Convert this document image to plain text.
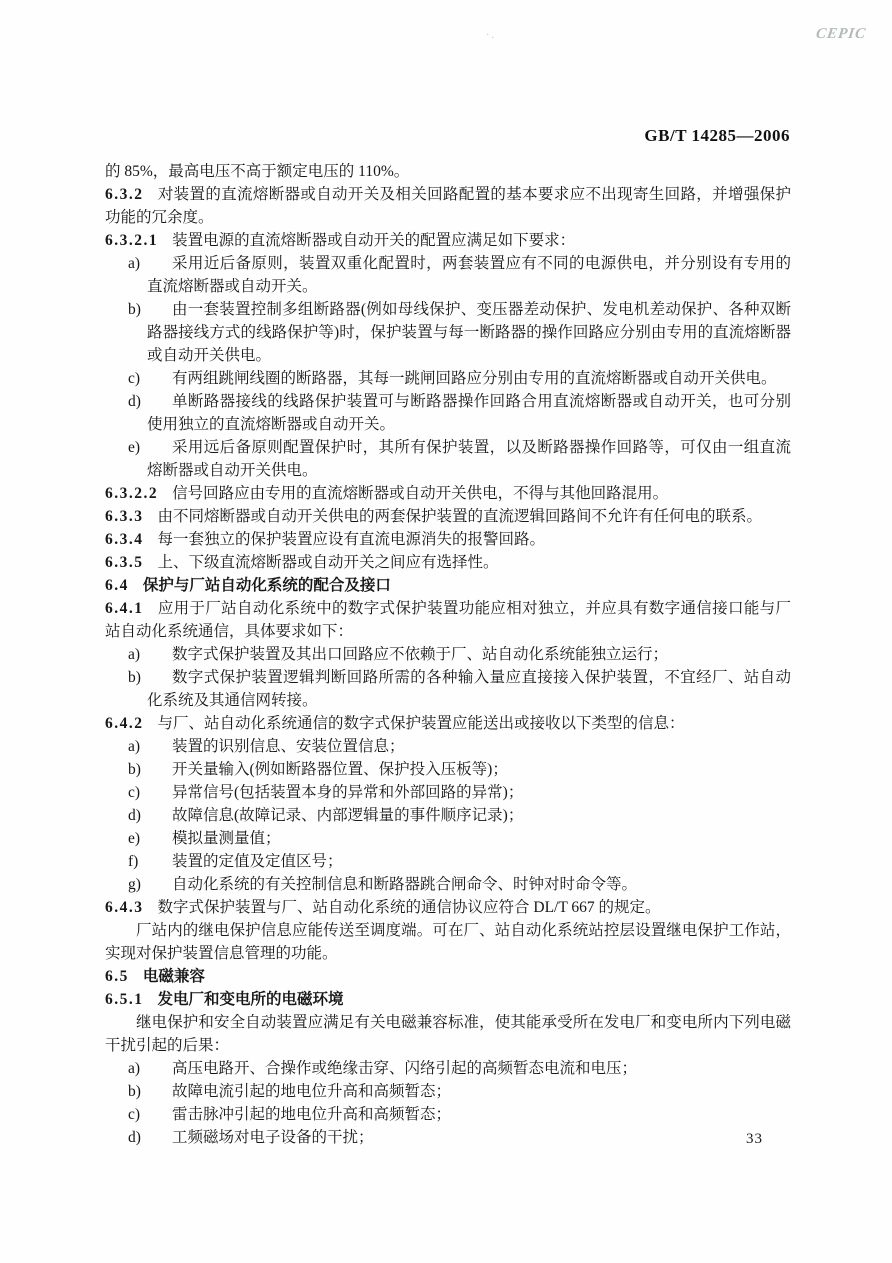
·.	CEPIC
GB/T 14285—2006
的 85%，最高电压不高于额定电压的 110%。
6.3.2 对装置的直流熔断器或自动开关及相关回路配置的基本要求应不出现寄生回路，并增强保护功能的冗余度。
6.3.2.1 装置电源的直流熔断器或自动开关的配置应满足如下要求：
a) 采用近后备原则，装置双重化配置时，两套装置应有不同的电源供电，并分别设有专用的直流熔断器或自动开关。
b) 由一套装置控制多组断路器(例如母线保护、变压器差动保护、发电机差动保护、各种双断路器接线方式的线路保护等)时，保护装置与每一断路器的操作回路应分别由专用的直流熔断器或自动开关供电。
c) 有两组跳闸线圈的断路器，其每一跳闸回路应分别由专用的直流熔断器或自动开关供电。
d) 单断路器接线的线路保护装置可与断路器操作回路合用直流熔断器或自动开关，也可分别使用独立的直流熔断器或自动开关。
e) 采用远后备原则配置保护时，其所有保护装置，以及断路器操作回路等，可仅由一组直流熔断器或自动开关供电。
6.3.2.2 信号回路应由专用的直流熔断器或自动开关供电，不得与其他回路混用。
6.3.3 由不同熔断器或自动开关供电的两套保护装置的直流逻辑回路间不允许有任何电的联系。
6.3.4 每一套独立的保护装置应设有直流电源消失的报警回路。
6.3.5 上、下级直流熔断器或自动开关之间应有选择性。
6.4 保护与厂站自动化系统的配合及接口
6.4.1 应用于厂站自动化系统中的数字式保护装置功能应相对独立，并应具有数字通信接口能与厂站自动化系统通信，具体要求如下：
a) 数字式保护装置及其出口回路应不依赖于厂、站自动化系统能独立运行；
b) 数字式保护装置逻辑判断回路所需的各种输入量应直接接入保护装置，不宜经厂、站自动化系统及其通信网转接。
6.4.2 与厂、站自动化系统通信的数字式保护装置应能送出或接收以下类型的信息：
a) 装置的识别信息、安装位置信息；
b) 开关量输入(例如断路器位置、保护投入压板等)；
c) 异常信号(包括装置本身的异常和外部回路的异常)；
d) 故障信息(故障记录、内部逻辑量的事件顺序记录)；
e) 模拟量测量值；
f) 装置的定值及定值区号；
g) 自动化系统的有关控制信息和断路器跳合闸命令、时钟对时命令等。
6.4.3 数字式保护装置与厂、站自动化系统的通信协议应符合 DL/T 667 的规定。
厂站内的继电保护信息应能传送至调度端。可在厂、站自动化系统站控层设置继电保护工作站，实现对保护装置信息管理的功能。
6.5 电磁兼容
6.5.1 发电厂和变电所的电磁环境
继电保护和安全自动装置应满足有关电磁兼容标准，使其能承受所在发电厂和变电所内下列电磁干扰引起的后果：
a) 高压电路开、合操作或绝缘击穿、闪络引起的高频暂态电流和电压；
b) 故障电流引起的地电位升高和高频暂态；
c) 雷击脉冲引起的地电位升高和高频暂态；
d) 工频磁场对电子设备的干扰；	33
